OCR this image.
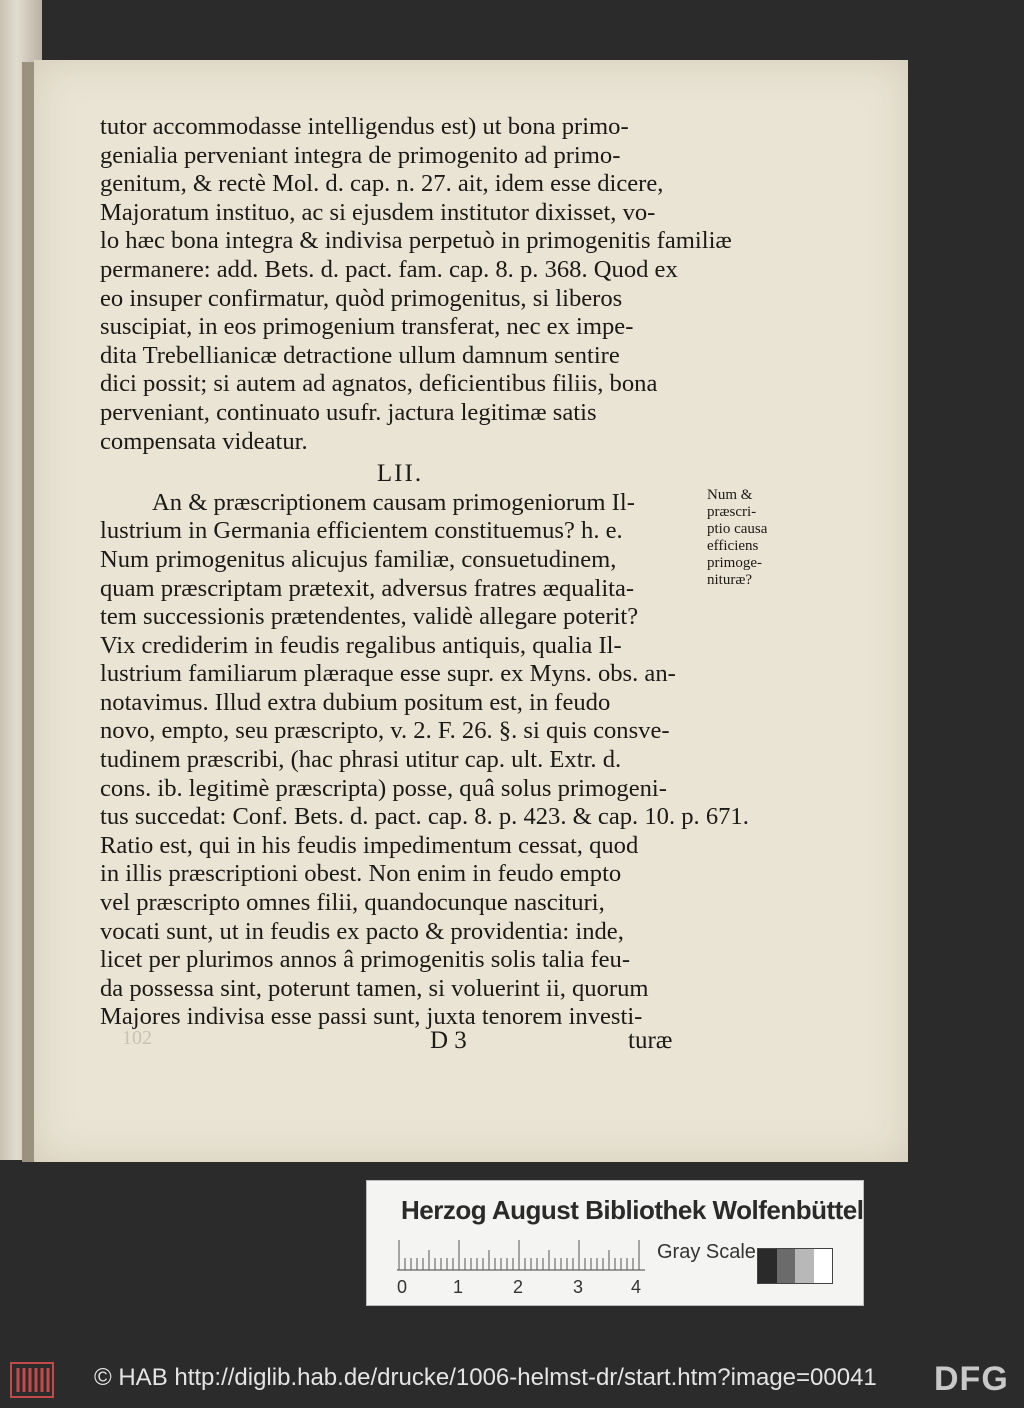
tutor accommodasse intelligendus est) ut bona primo-
genialia perveniant integra de primogenito ad primo-
genitum, & rectè Mol. d. cap. n. 27. ait, idem esse dicere,
Majoratum instituo, ac si ejusdem institutor dixisset, vo-
lo hæc bona integra & indivisa perpetuò in primogenitis familiæ
permanere: add. Bets. d. pact. fam. cap. 8. p. 368. Quod ex
eo insuper confirmatur, quòd primogenitus, si liberos
suscipiat, in eos primogenium transferat, nec ex impe-
dita Trebellianicæ detractione ullum damnum sentire
dici possit; si autem ad agnatos, deficientibus filiis, bona
perveniant, continuato usufr. jactura legitimæ satis
compensata videatur.

LII.

An & præscriptionem causam primogeniorum Il-
lustrium in Germania efficientem constituemus? h. e.
Num primogenitus alicujus familiæ, consuetudinem,
quam præscriptam prætexit, adversus fratres æqualita-
tem successionis prætendentes, validè allegare poterit?
Vix crediderim in feudis regalibus antiquis, qualia Il-
lustrium familiarum plæraque esse supr. ex Myns. obs. an-
notavimus. Illud extra dubium positum est, in feudo
novo, empto, seu præscripto, v. 2. F. 26. §. si quis consve-
tudinem præscribi, (hac phrasi utitur cap. ult. Extr. d.
cons. ib. legitimè præscripta) posse, quâ solus primogeni-
tus succedat: Conf. Bets. d. pact. cap. 8. p. 423. & cap. 10. p. 671.
Ratio est, qui in his feudis impedimentum cessat, quod
in illis præscriptioni obest. Non enim in feudo empto
vel præscripto omnes filii, quandocunque nascituri,
vocati sunt, ut in feudis ex pacto & providentia: inde,
licet per plurimos annos â primogenitis solis talia feu-
da possessa sint, poterunt tamen, si voluerint ii, quorum
Majores indivisa esse passi sunt, juxta tenorem investi-

Num &
præscri-
ptio causa
efficiens
primoge-
nituræ?
102	D 3	turæ
Herzog August Bibliothek Wolfenbüttel
0	1	2	3	4
Gray Scale
© HAB http://diglib.hab.de/drucke/1006-helmst-dr/start.htm?image=00041 DFG
